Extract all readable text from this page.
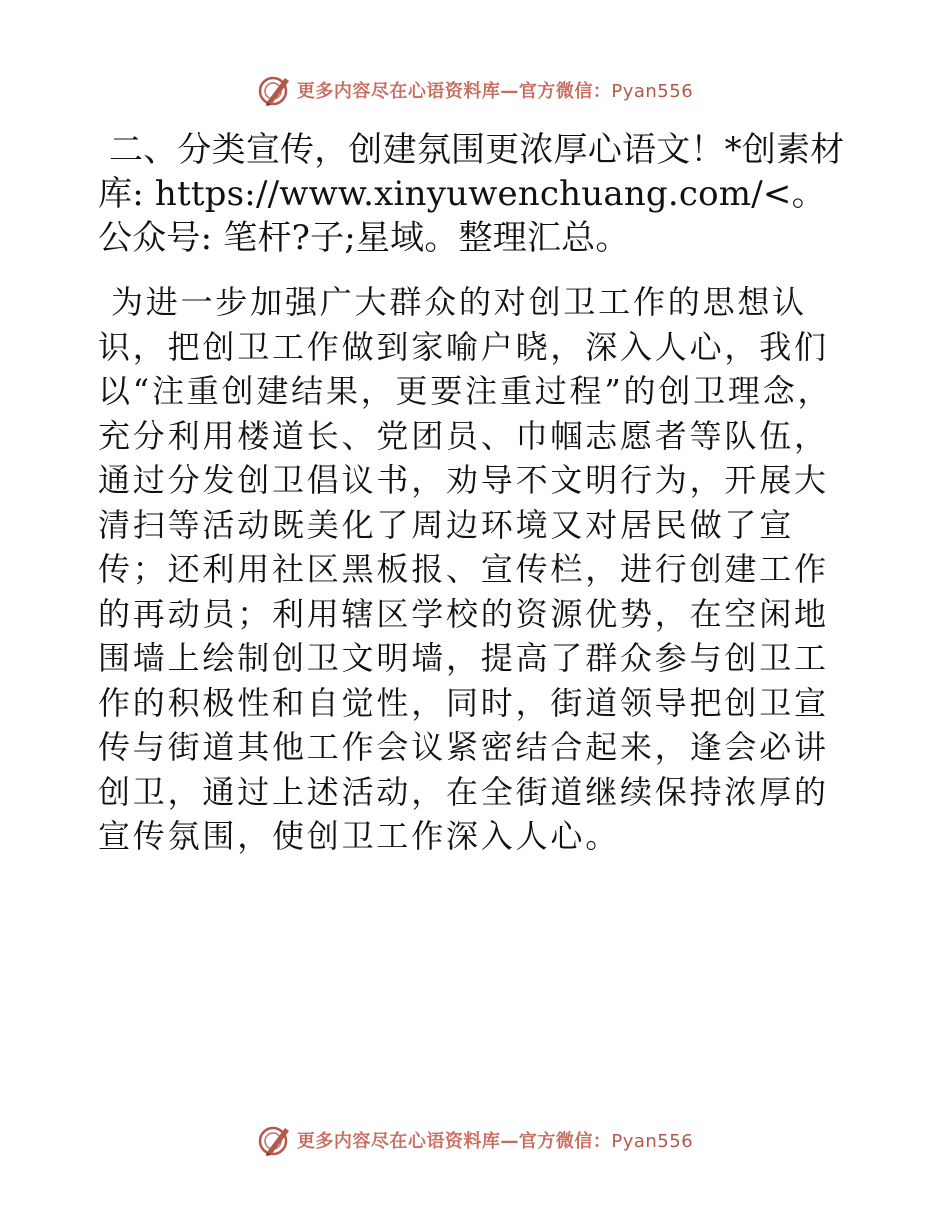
更多内容尽在心语资料库—官方微信：Pyan556

二、分类宣传，创建氛围更浓厚心语文！*创素材库: https://www.xinyuwenchuang.com/<。公众号: 笔杆?子;星域。整理汇总。

为进一步加强广大群众的对创卫工作的思想认识，把创卫工作做到家喻户晓，深入人心，我们以“注重创建结果，更要注重过程”的创卫理念，充分利用楼道长、党团员、巾帼志愿者等队伍，通过分发创卫倡议书，劝导不文明行为，开展大清扫等活动既美化了周边环境又对居民做了宣传；还利用社区黑板报、宣传栏，进行创建工作的再动员；利用辖区学校的资源优势，在空闲地围墙上绘制创卫文明墙，提高了群众参与创卫工作的积极性和自觉性，同时，街道领导把创卫宣传与街道其他工作会议紧密结合起来，逢会必讲创卫，通过上述活动，在全街道继续保持浓厚的宣传氛围，使创卫工作深入人心。

更多内容尽在心语资料库—官方微信：Pyan556
